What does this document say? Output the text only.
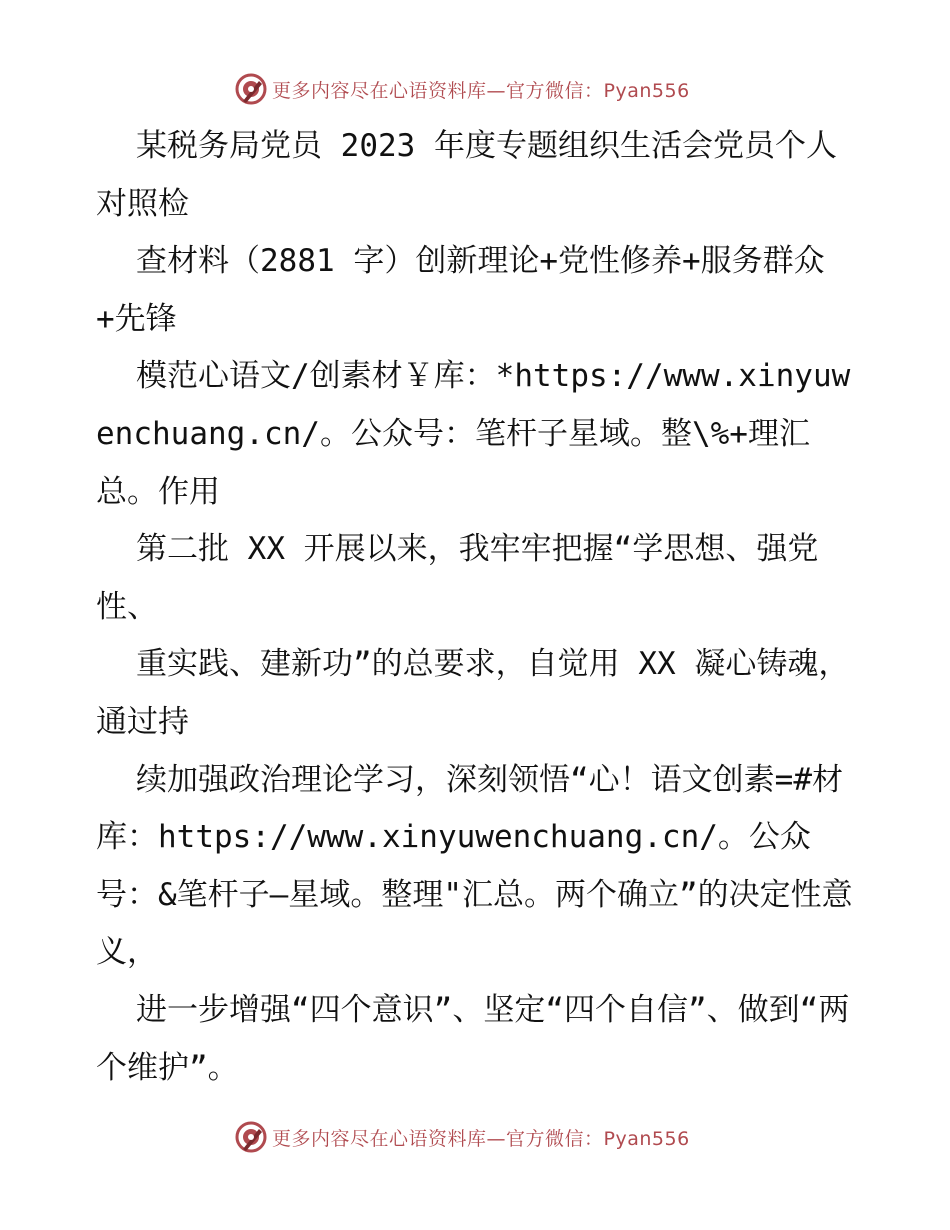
更多内容尽在心语资料库—官方微信：Pyan556

某税务局党员 2023 年度专题组织生活会党员个人对照检

查材料（2881 字）创新理论+党性修养+服务群众+先锋

模范心语文/创素材￥库：*https://www.xinyuwenchuang.cn/。公众号：笔杆子星域。整\%+理汇总。作用

第二批 XX 开展以来，我牢牢把握“学思想、强党性、

重实践、建新功”的总要求，自觉用 XX 凝心铸魂，通过持

续加强政治理论学习，深刻领悟“心！语文创素=#材库：https://www.xinyuwenchuang.cn/。公众号：&笔杆子—星域。整理"汇总。两个确立”的决定性意义，

进一步增强“四个意识”、坚定“四个自信”、做到“两个维护”。

更多内容尽在心语资料库—官方微信：Pyan556
